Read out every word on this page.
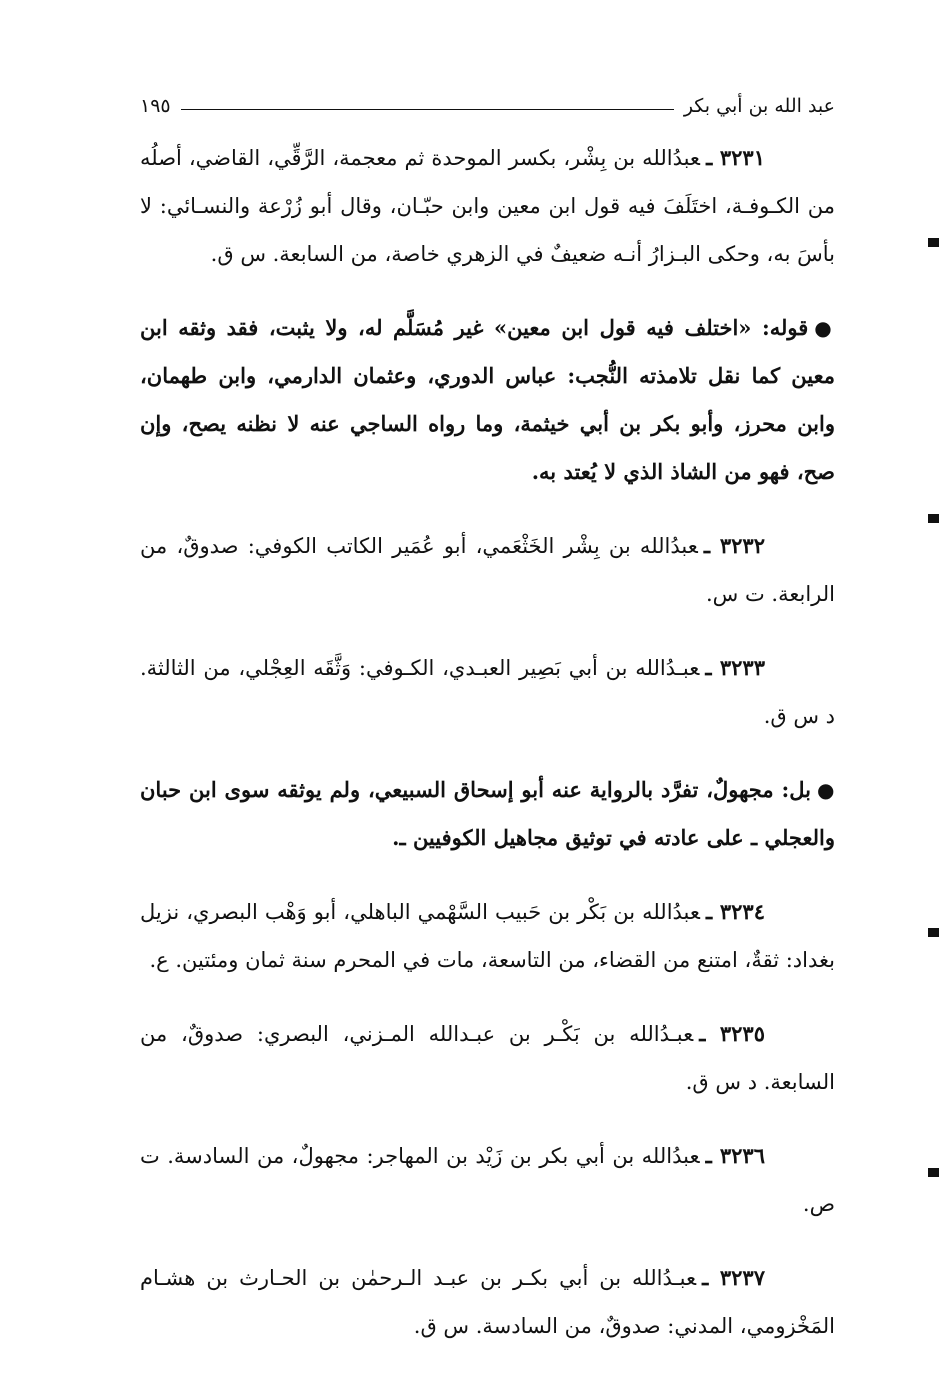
عبد الله بن أبي بكر
١٩٥

٣٢٣١ ـعبدُالله بن بِشْر، بكسر الموحدة ثم معجمة، الرَّقِّي، القاضي، أصلُه من الكـوفـة، اختَلَفَ فيه قول ابن معين وابن حبّـان، وقال أبو زُرْعة والنسـائي: لا بأسَ به، وحكى البـزارُ أنـه ضعيفٌ في الزهري خاصة، من السابعة. س ق.

●قوله: «اختلف فيه قول ابن معين» غير مُسَلَّم له، ولا يثبت، فقد وثقه ابن معين كما نقل تلامذته النُّجب: عباس الدوري، وعثمان الدارمي، وابن طهمان، وابن محرز، وأبو بكر بن أبي خيثمة، وما رواه الساجي عنه لا نظنه يصح، وإن صح، فهو من الشاذ الذي لا يُعتد به.

٣٢٣٢ ـعبدُالله بن بِشْر الخَثْعَمي، أبو عُمَير الكاتب الكوفي: صدوقٌ، من الرابعة. ت س.

٣٢٣٣ ـعبـدُالله بن أبي بَصِير العبـدي، الكـوفي: وَثَّقَه العِجْلي، من الثالثة. د س ق.

●بل: مجهولٌ، تفرَّد بالرواية عنه أبو إسحاق السبيعي، ولم يوثقه سوى ابن حبان والعجلي ـ على عادته في توثيق مجاهيل الكوفيين ـ.

٣٢٣٤ ـعبدُالله بن بَكْر بن حَبيب السَّهْمي الباهلي، أبو وَهْب البصري، نزيل بغداد: ثقةٌ، امتنع من القضاء، من التاسعة، مات في المحرم سنة ثمان ومئتين. ع.

٣٢٣٥ ـعبـدُالله بن بَكْـر بن عبـدالله المـزني، البصري: صدوقٌ، من السابعة. د س ق.

٣٢٣٦ ـعبدُالله بن أبي بكر بن زَيْد بن المهاجر: مجهولٌ، من السادسة. ت ص.

٣٢٣٧ ـعبـدُالله بن أبي بكـر بن عبـد الـرحمٰن بن الحـارث بن هشـام المَخْزومي، المدني: صدوقٌ، من السادسة. س ق.
